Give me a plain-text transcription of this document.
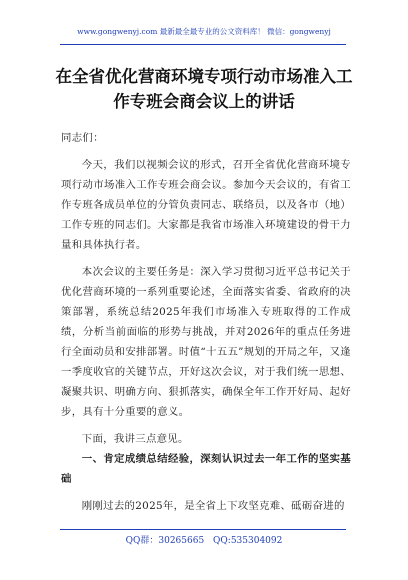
www.gongwenyj.com 最新最全最专业的公文资料库！ 微信：gongwenyj
在全省优化营商环境专项行动市场准入工
作专班会商会议上的讲话

同志们：

今天，我们以视频会议的形式，召开全省优化营商环境专项行动市场准入工作专班会商会议。参加今天会议的，有省工作专班各成员单位的分管负责同志、联络员，以及各市（地）工作专班的同志们。大家都是我省市场准入环境建设的骨干力量和具体执行者。

本次会议的主要任务是：深入学习贯彻习近平总书记关于优化营商环境的一系列重要论述，全面落实省委、省政府的决策部署，系统总结2025年我们市场准入专班取得的工作成绩，分析当前面临的形势与挑战，并对2026年的重点任务进行全面动员和安排部署。时值“十五五”规划的开局之年，又逢一季度收官的关键节点，开好这次会议，对于我们统一思想、凝聚共识、明确方向、狠抓落实，确保全年工作开好局、起好步，具有十分重要的意义。

下面，我讲三点意见。

一、肯定成绩总结经验，深刻认识过去一年工作的坚实基础

刚刚过去的2025年，是全省上下攻坚克难、砥砺奋进的

QQ群：30265665 QQ:535304092
